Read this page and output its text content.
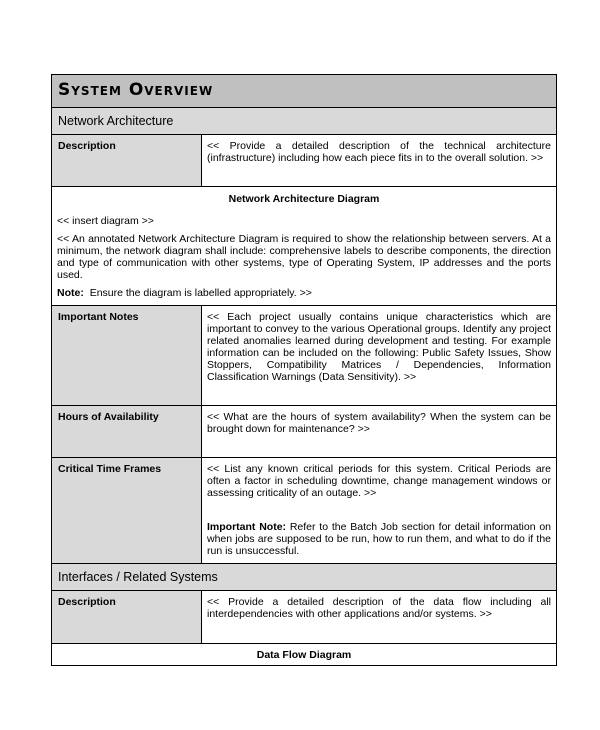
System Overview	
Network Architecture	
Description	<< Provide a detailed description of the technical architecture (infrastructure) including how each piece fits in to the overall solution. >>

Network Architecture Diagram

<< insert diagram >>

<< An annotated Network Architecture Diagram is required to show the relationship between servers. At a minimum, the network diagram shall include: comprehensive labels to describe components, the direction and type of communication with other systems, type of Operating System, IP addresses and the ports used.

Note: Ensure the diagram is labelled appropriately. >>	

Important Notes	<< Each project usually contains unique characteristics which are important to convey to the various Operational groups. Identify any project related anomalies learned during development and testing. For example information can be included on the following: Public Safety Issues, Show Stoppers, Compatibility Matrices / Dependencies, Information Classification Warnings (Data Sensitivity). >>
Hours of Availability	<< What are the hours of system availability? When the system can be brought down for maintenance? >>
Critical Time Frames	<< List any known critical periods for this system. Critical Periods are often a factor in scheduling downtime, change management windows or assessing criticality of an outage. >>

Important Note: Refer to the Batch Job section for detail information on when jobs are supposed to be run, how to run them, and what to do if the run is unsuccessful.

Interfaces / Related Systems	
Description	<< Provide a detailed description of the data flow including all interdependencies with other applications and/or systems. >>
Data Flow Diagram	
